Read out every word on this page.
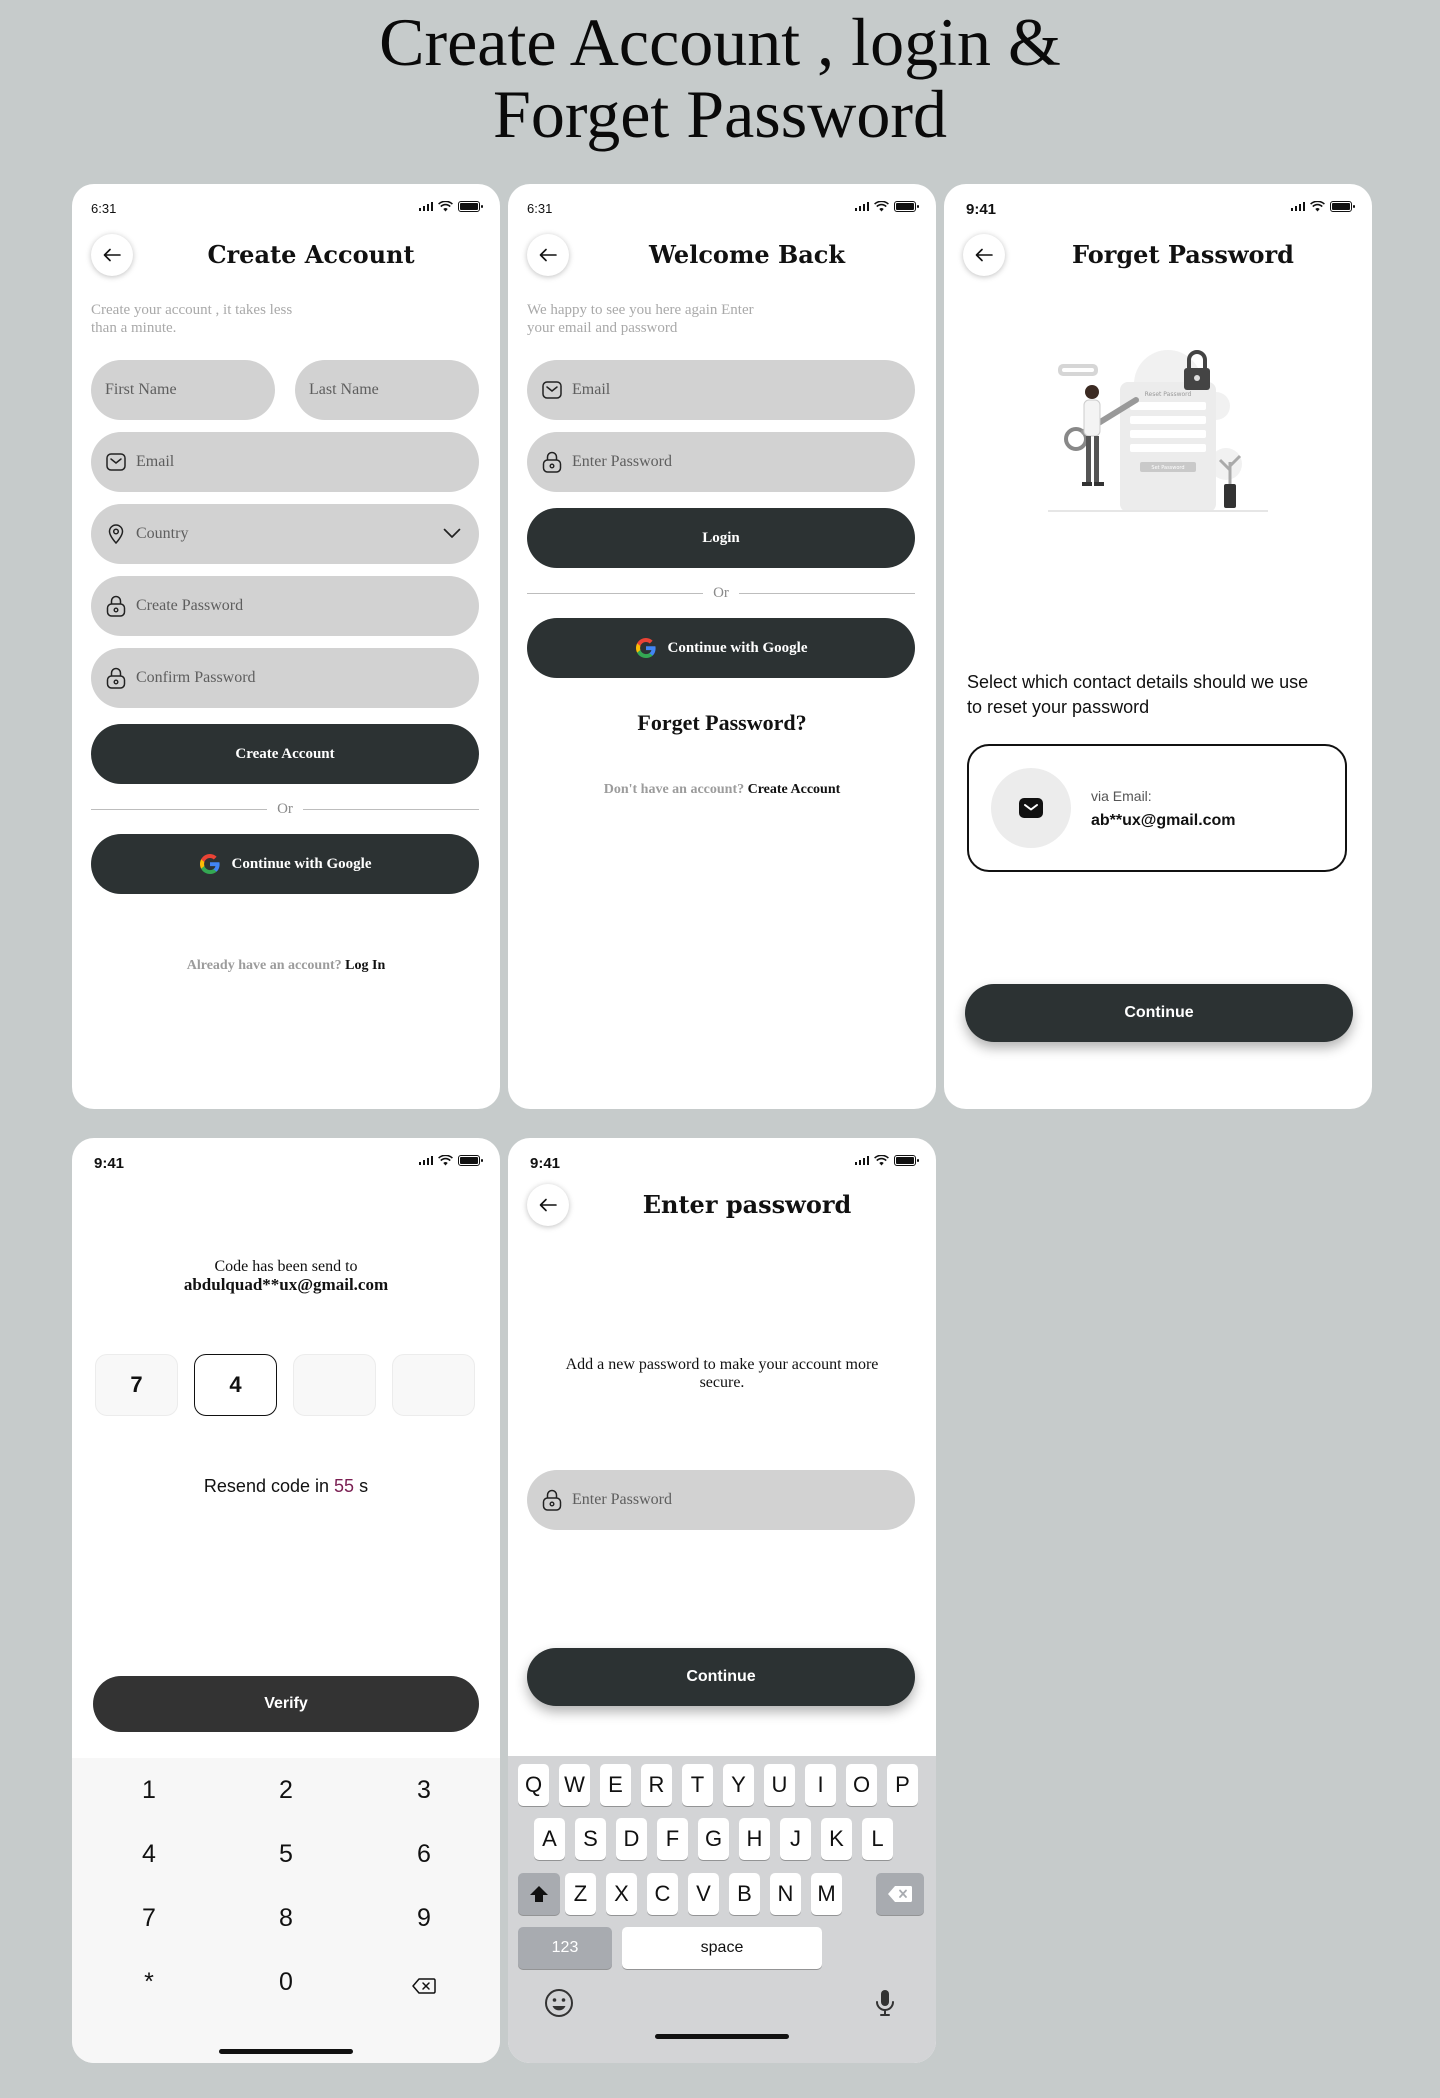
Create Account , login &
Forget Password
6:31
Create Account
Create your account , it takes less than a minute.
First Name	Last Name
Email
Country
Create Password
Confirm Password
Create Account
Or
Continue with Google
Already have an account? Log In
6:31
Welcome Back
We happy to see you here again Enter your email and password
Email
Enter Password
Login
Or
Continue with Google
Forget Password?
Don't have an account? Create Account
9:41
Forget Password
Reset Password
Set Password
Select which contact details should we use to reset your password
via Email:
ab**ux@gmail.com
Continue
9:41
Code has been send to
abdulquad**ux@gmail.com
7	4
Resend code in 55 s
Verify
1	2	3
4	5	6
7	8	9
*	0
9:41
Enter password
Add a new password to make your account more secure.
Enter Password
Continue
Q	W	E	R	T	Y	U	I	O	P
A	S	D	F	G	H	J	K	L
Z	X	C	V	B	N	M
123	space
